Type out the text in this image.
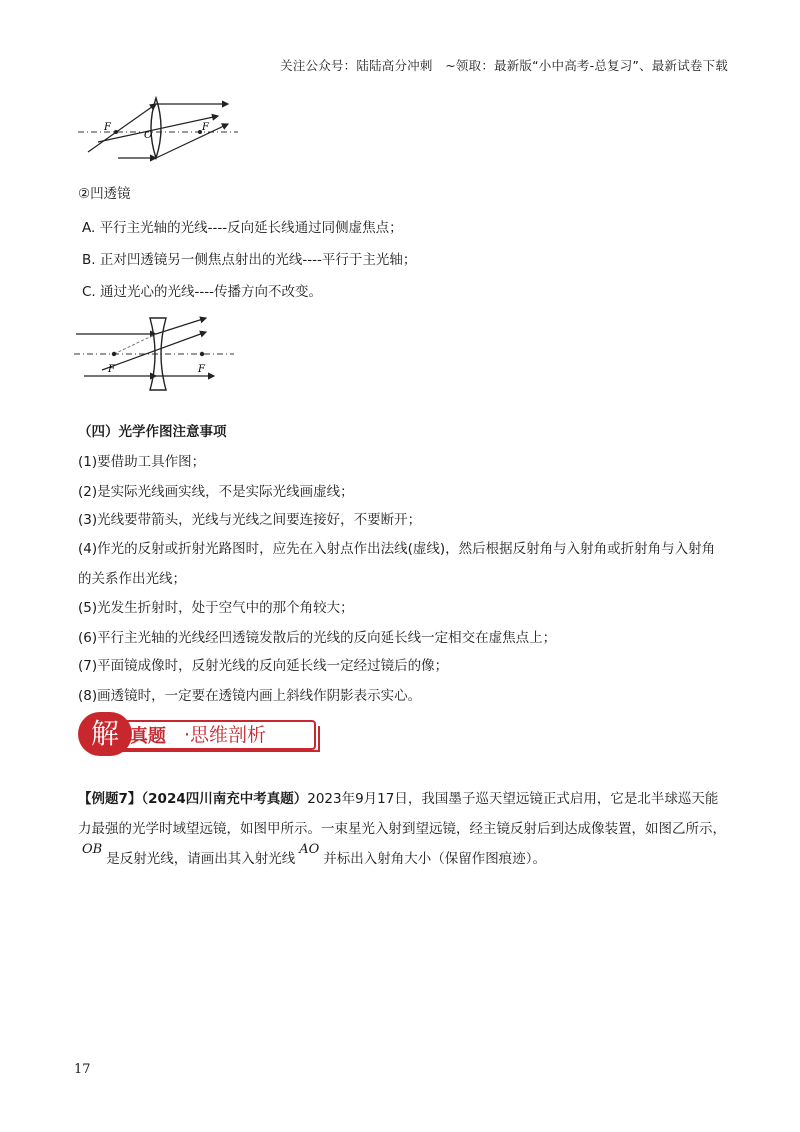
关注公众号：陆陆高分冲刺　~领取：最新版“小中高考-总复习”、最新试卷下载
F
O
F
②凹透镜
A. 平行主光轴的光线----反向延长线通过同侧虚焦点；
B. 正对凹透镜另一侧焦点射出的光线----平行于主光轴；
C. 通过光心的光线----传播方向不改变。
F	F
（四）光学作图注意事项
(1)要借助工具作图；
(2)是实际光线画实线，不是实际光线画虚线；
(3)光线要带箭头，光线与光线之间要连接好，不要断开；
(4)作光的反射或折射光路图时，应先在入射点作出法线(虚线)，然后根据反射角与入射角或折射角与入射角的关系作出光线；
(5)光发生折射时，处于空气中的那个角较大；
(6)平行主光轴的光线经凹透镜发散后的光线的反向延长线一定相交在虚焦点上；
(7)平面镜成像时，反射光线的反向延长线一定经过镜后的像；
(8)画透镜时，一定要在透镜内画上斜线作阴影表示实心。
解 真题 ·思维剖析
【例题7】（2024四川南充中考真题）2023年9月17日，我国墨子巡天望远镜正式启用，它是北半球巡天能力最强的光学时域望远镜，如图甲所示。一束星光入射到望远镜，经主镜反射后到达成像装置，如图乙所示，OB是反射光线，请画出其入射光线AO并标出入射角大小（保留作图痕迹）。
17
